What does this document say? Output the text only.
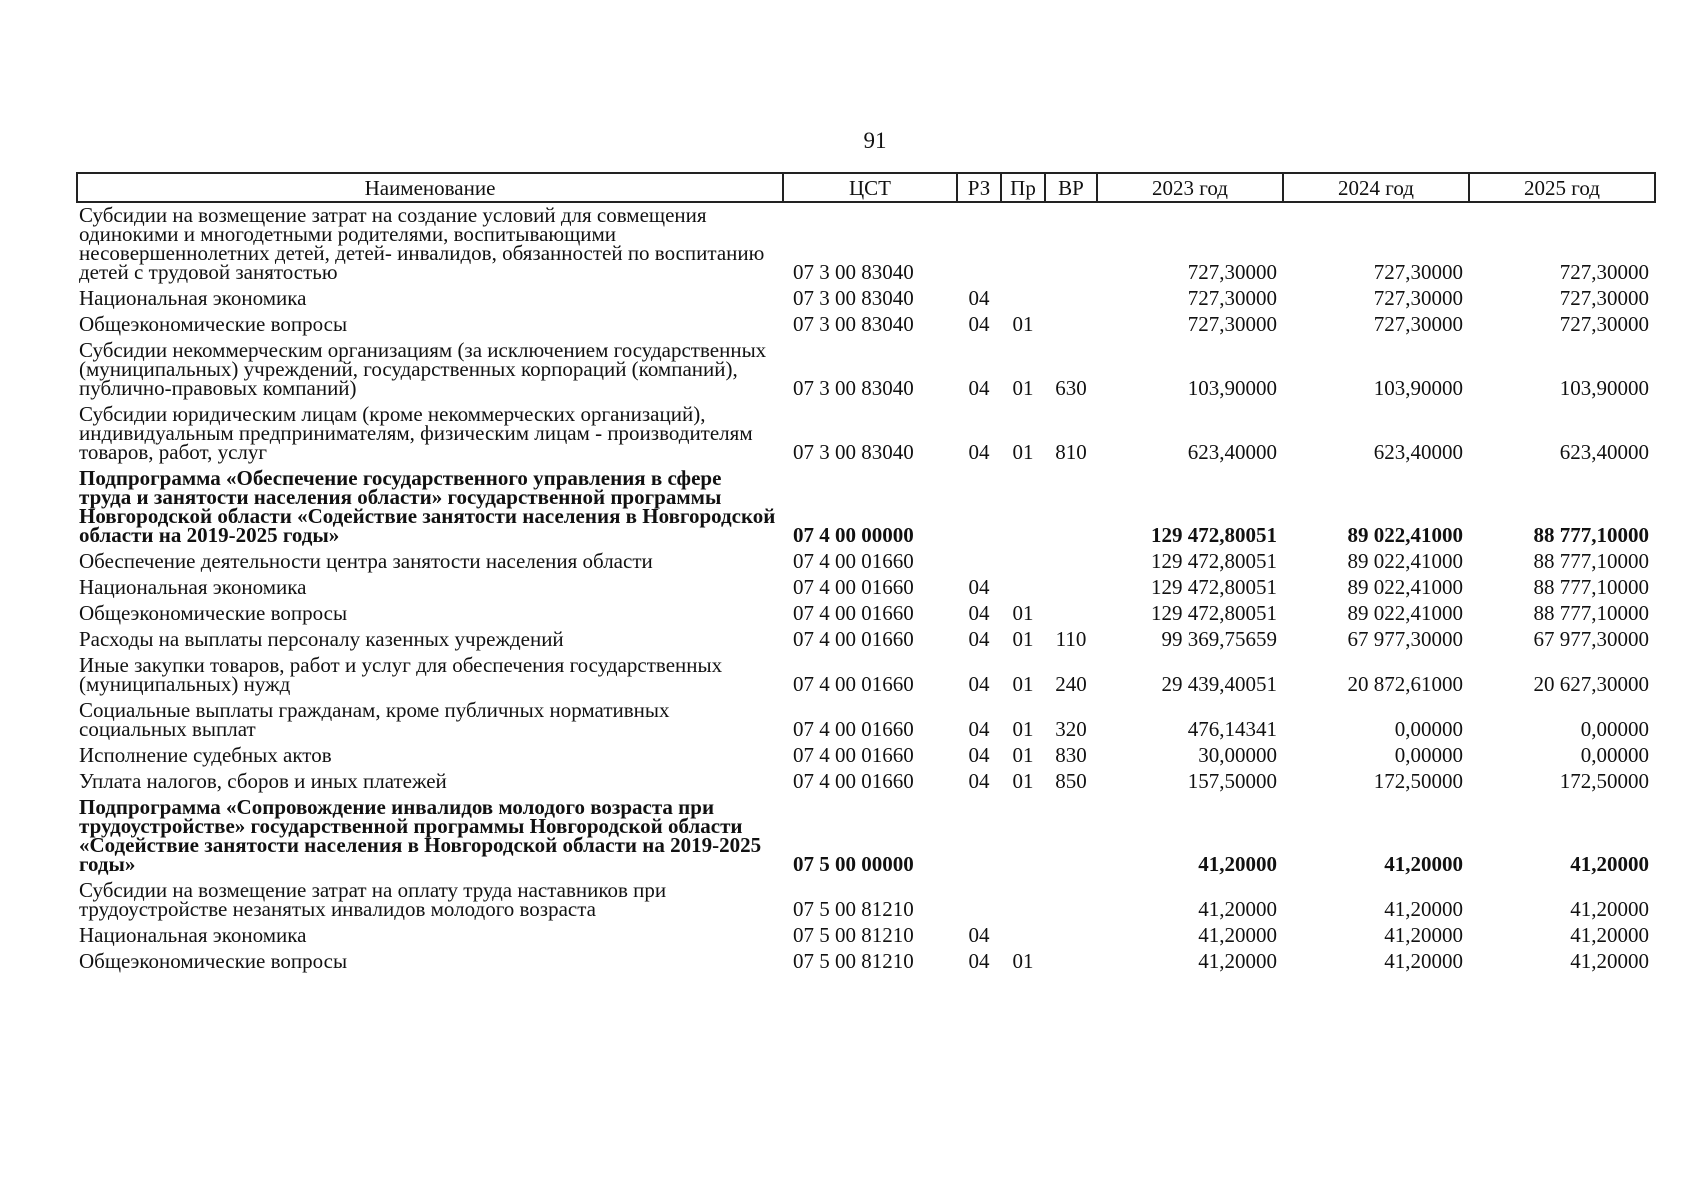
91
Наименование	ЦСТ	РЗ	Пр	ВР	2023 год	2024 год	2025 год
Субсидии на возмещение затрат на создание условий для совмещения одинокими и многодетными родителями, воспитывающими несовершеннолетних детей, детей- инвалидов, обязанностей по воспитанию детей с трудовой занятостью	07 3 00 83040				727,30000	727,30000	727,30000
Национальная экономика	07 3 00 83040	04			727,30000	727,30000	727,30000
Общеэкономические вопросы	07 3 00 83040	04	01		727,30000	727,30000	727,30000
Субсидии некоммерческим организациям (за исключением государственных (муниципальных) учреждений, государственных корпораций (компаний), публично-правовых компаний)	07 3 00 83040	04	01	630	103,90000	103,90000	103,90000
Субсидии юридическим лицам (кроме некоммерческих организаций), индивидуальным предпринимателям, физическим лицам - производителям товаров, работ, услуг	07 3 00 83040	04	01	810	623,40000	623,40000	623,40000
Подпрограмма «Обеспечение государственного управления в сфере труда и занятости населения области» государственной программы Новгородской области «Содействие занятости населения в Новгородской области на 2019-2025 годы»	07 4 00 00000				129 472,80051	89 022,41000	88 777,10000
Обеспечение деятельности центра занятости населения области	07 4 00 01660				129 472,80051	89 022,41000	88 777,10000
Национальная экономика	07 4 00 01660	04			129 472,80051	89 022,41000	88 777,10000
Общеэкономические вопросы	07 4 00 01660	04	01		129 472,80051	89 022,41000	88 777,10000
Расходы на выплаты персоналу казенных учреждений	07 4 00 01660	04	01	110	99 369,75659	67 977,30000	67 977,30000
Иные закупки товаров, работ и услуг для обеспечения государственных (муниципальных) нужд	07 4 00 01660	04	01	240	29 439,40051	20 872,61000	20 627,30000
Социальные выплаты гражданам, кроме публичных нормативных социальных выплат	07 4 00 01660	04	01	320	476,14341	0,00000	0,00000
Исполнение судебных актов	07 4 00 01660	04	01	830	30,00000	0,00000	0,00000
Уплата налогов, сборов и иных платежей	07 4 00 01660	04	01	850	157,50000	172,50000	172,50000
Подпрограмма «Сопровождение инвалидов молодого возраста при трудоустройстве» государственной программы Новгородской области «Содействие занятости населения в Новгородской области на 2019-2025 годы»	07 5 00 00000				41,20000	41,20000	41,20000
Субсидии на возмещение затрат на оплату труда наставников при трудоустройстве незанятых инвалидов молодого возраста	07 5 00 81210				41,20000	41,20000	41,20000
Национальная экономика	07 5 00 81210	04			41,20000	41,20000	41,20000
Общеэкономические вопросы	07 5 00 81210	04	01		41,20000	41,20000	41,20000
